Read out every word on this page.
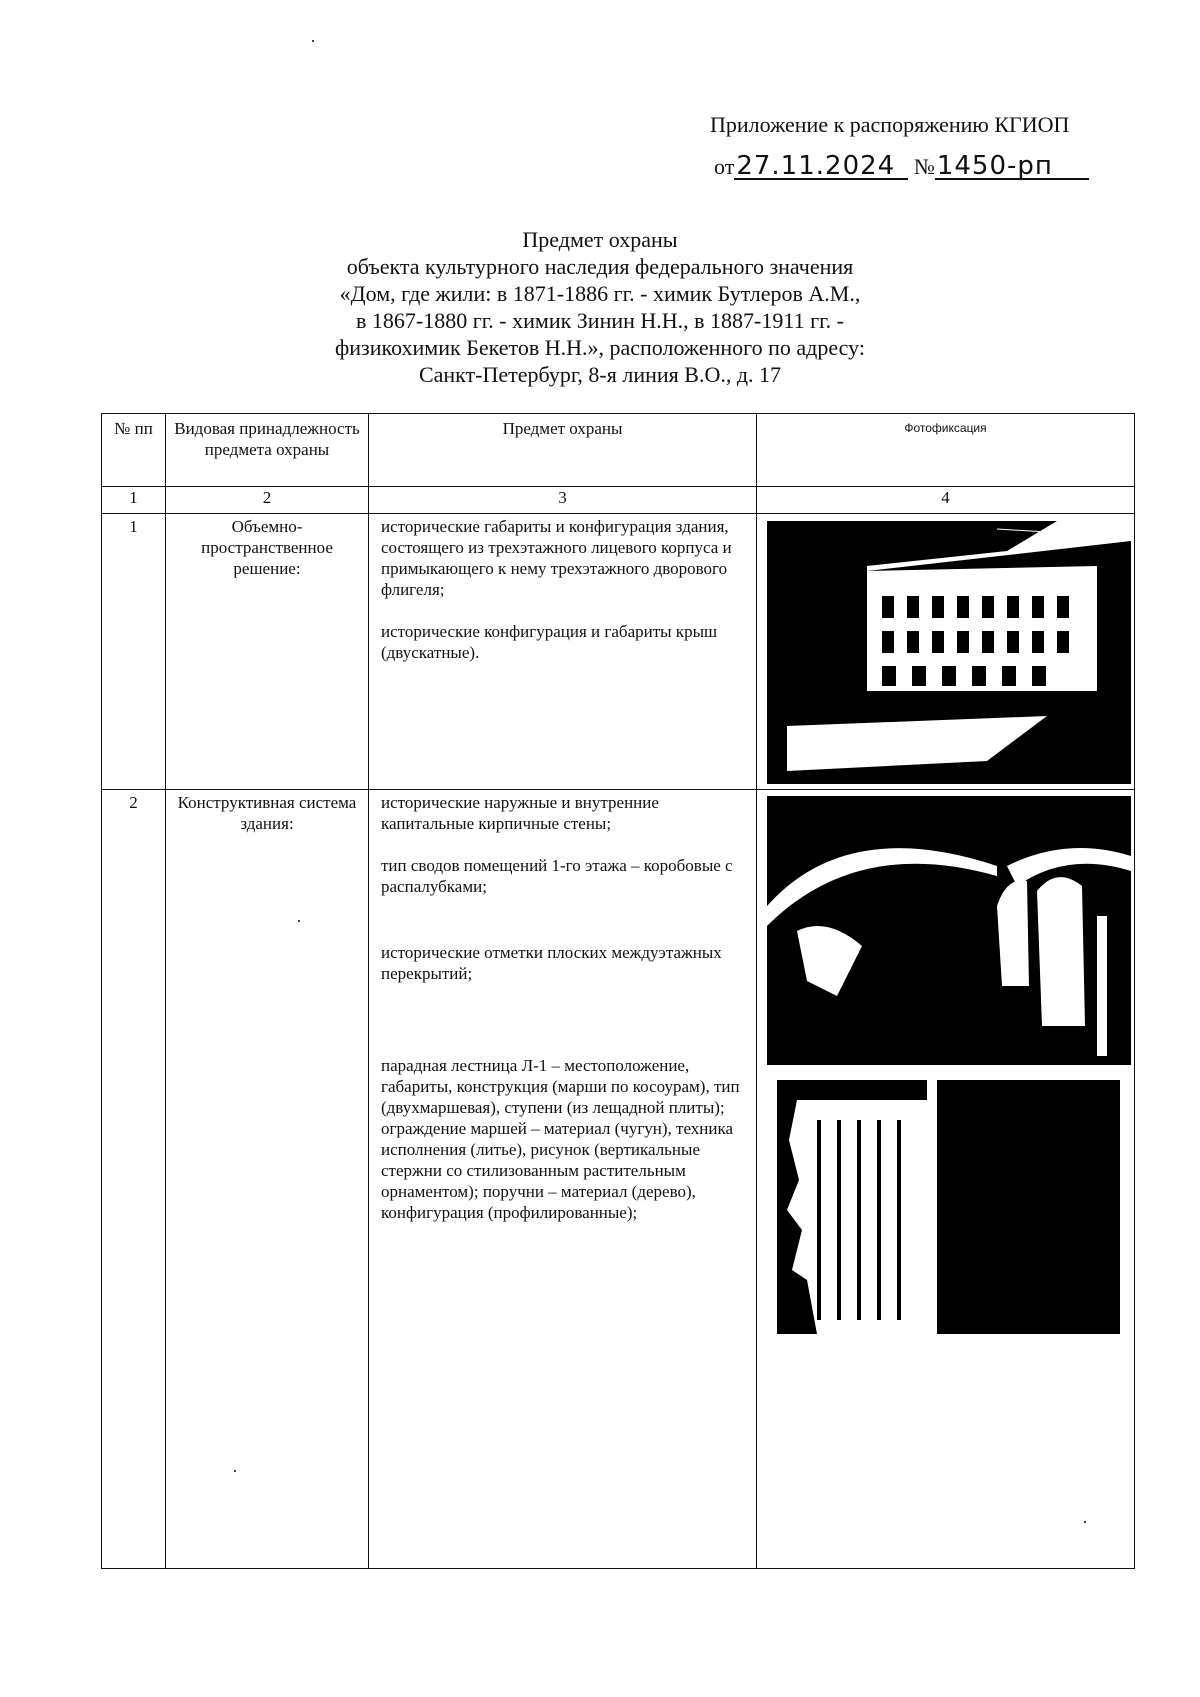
Приложение к распоряжению КГИОП
от27.11.2024 №1450-рп
Предмет охраны
объекта культурного наследия федерального значения
«Дом, где жили: в 1871-1886 гг. - химик Бутлеров А.М.,
в 1867-1880 гг. - химик Зинин Н.Н., в 1887-1911 гг. -
физикохимик Бекетов Н.Н.», расположенного по адресу:
Санкт-Петербург, 8-я линия В.О., д. 17
№ пп	Видовая принадлежность предмета охраны	Предмет охраны	Фотофиксация
1	2	3	4
1	Объемно-пространственное решение:	исторические габариты и конфигурация здания, состоящего из трехэтажного лицевого корпуса и примыкающего к нему трехэтажного дворового флигеля;

исторические конфигурация и габариты крыш (двускатные).

2	Конструктивная система здания:	исторические наружные и внутренние капитальные кирпичные стены;

тип сводов помещений 1-го этажа – коробовые с распалубками;

исторические отметки плоских междуэтажных перекрытий;

парадная лестница Л-1 – местоположение, габариты, конструкция (марши по косоурам), тип (двухмаршевая), ступени (из лещадной плиты); ограждение маршей – материал (чугун), техника исполнения (литье), рисунок (вертикальные стержни со стилизованным растительным орнаментом); поручни – материал (дерево), конфигурация (профилированные);
